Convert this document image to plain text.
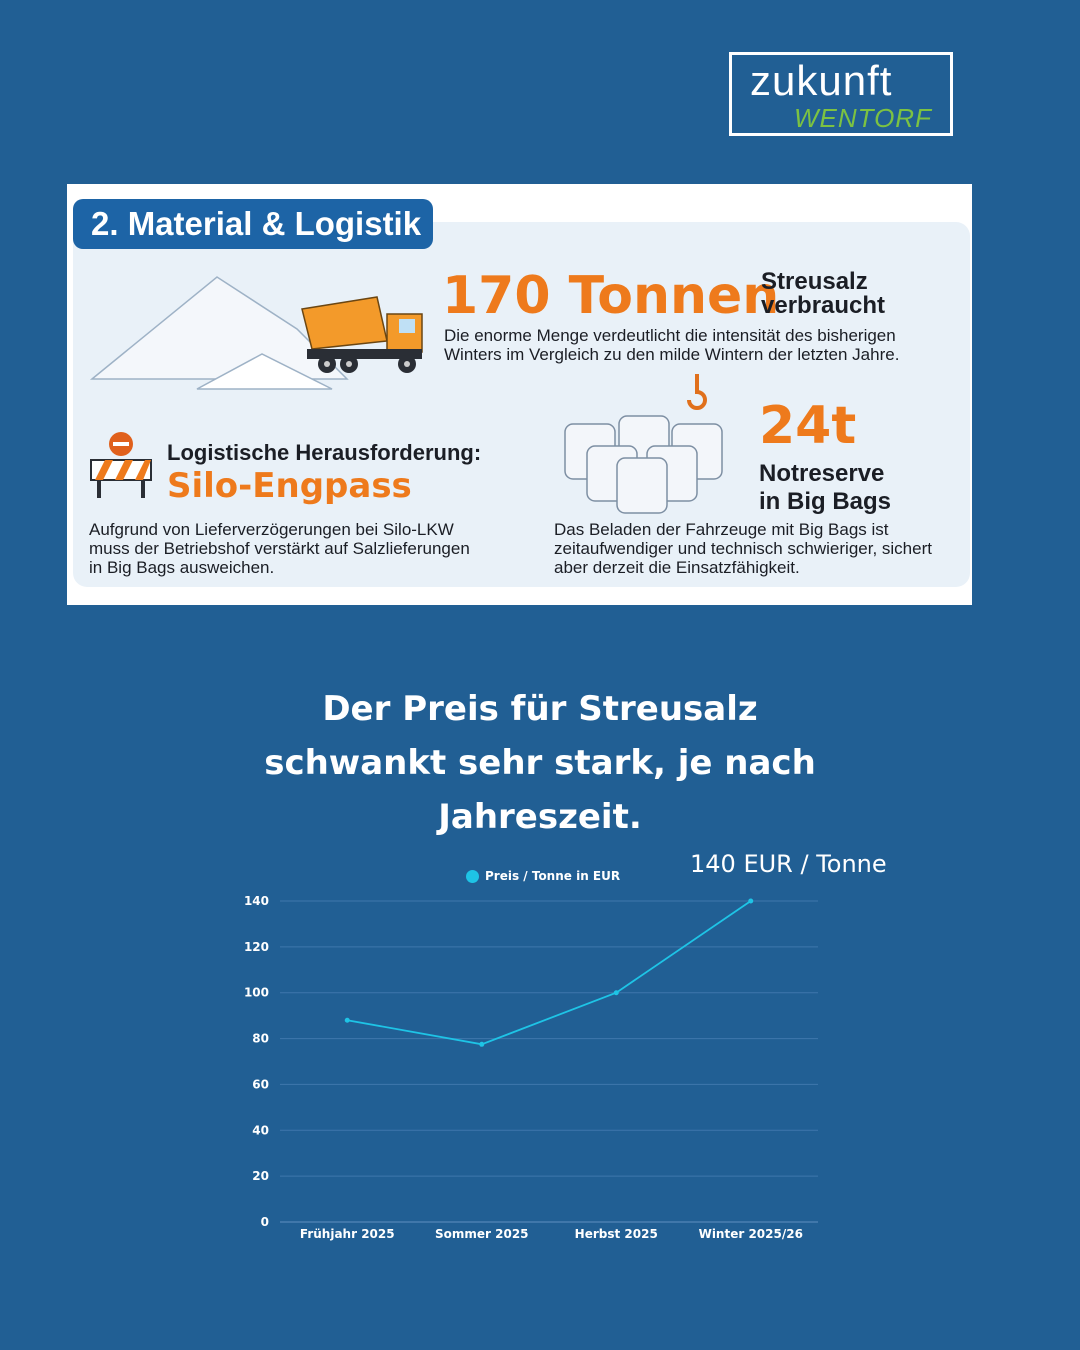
zukunft
WENTORF
2. Material & Logistik
170 Tonnen
Streusalz
verbraucht
Die enorme Menge verdeutlicht die intensität des bisherigen
Winters im Vergleich zu den milde Wintern der letzten Jahre.
Logistische Herausforderung:
Silo-Engpass
Aufgrund von Lieferverzögerungen bei Silo-LKW
muss der Betriebshof verstärkt auf Salzlieferungen
in Big Bags ausweichen.
24t
Notreserve
in Big Bags
Das Beladen der Fahrzeuge mit Big Bags ist
zeitaufwendiger und technisch schwieriger, sichert
aber derzeit die Einsatzfähigkeit.
Der Preis für Streusalz
schwankt sehr stark, je nach
Jahreszeit.
140 EUR / Tonne
Preis / Tonne in EUR
0
20
40
60
80
100
120
140
Frühjahr 2025	Sommer 2025	Herbst 2025	Winter 2025/26
